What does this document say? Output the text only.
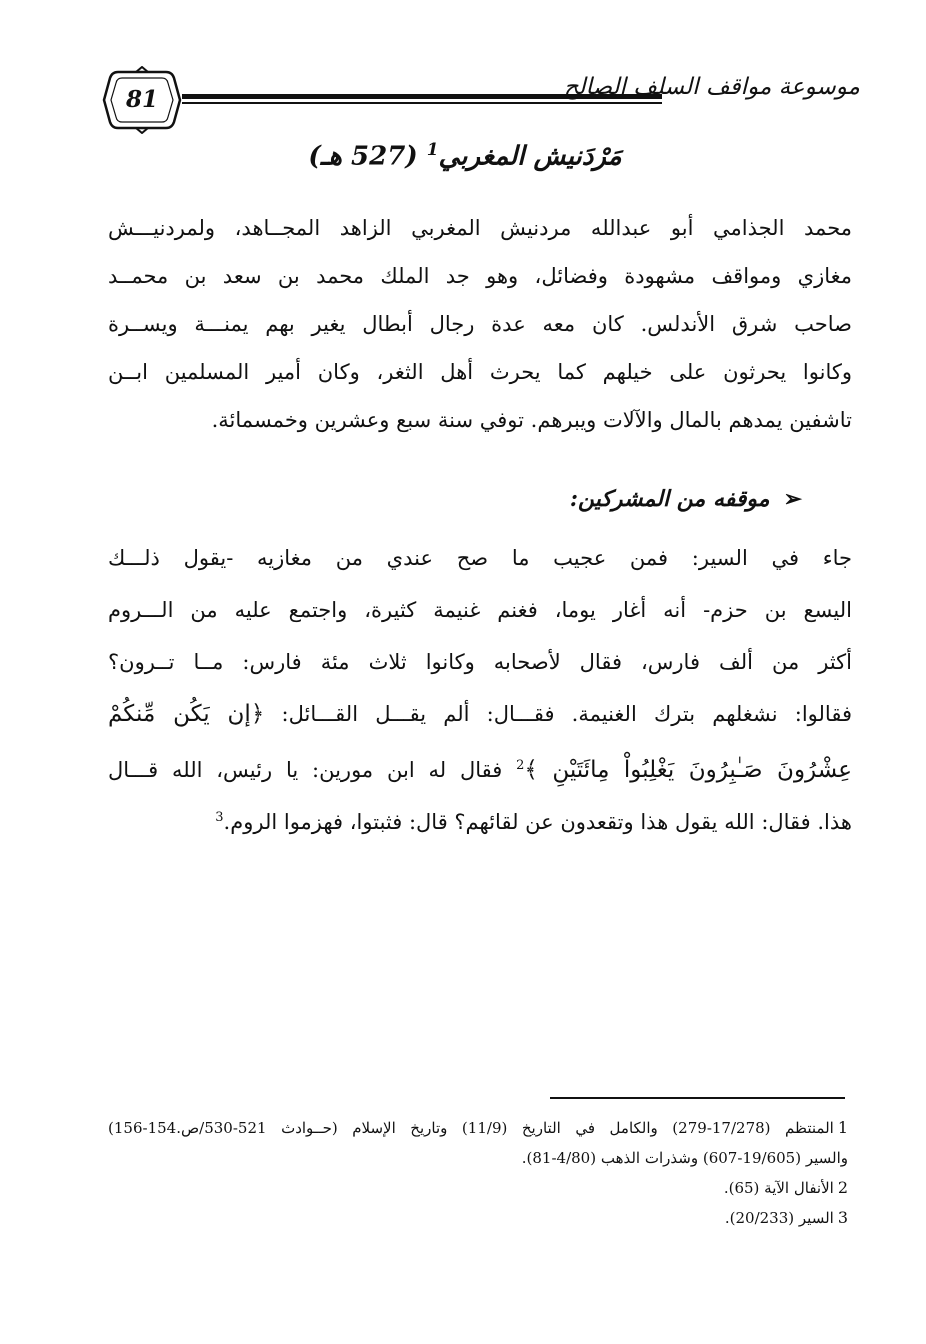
81	موسوعة مواقف السلف الصالح
مَرْدَنيش المغربي$^1$ (527 هـ)
محمد الجذامي أبو عبدالله مردنيش المغربي الزاهد المجــاهد، ولمردنيـــش
مغازي ومواقف مشهودة وفضائل، وهو جد الملك محمد بن سعد بن محمــد
صاحب شرق الأندلس. كان معه عدة رجال أبطال يغير بهم يمنـــة ويســرة
وكانوا يحرثون على خيلهم كما يحرث أهل الثغر، وكان أمير المسلمين ابــن
تاشفين يمدهم بالمال والآلات ويبرهم. توفي سنة سبع وعشرين وخمسمائة.
➢موقفه من المشركين:
جاء في السير: فمن عجيب ما صح عندي من مغازيه -يقول ذلـــك
اليسع بن حزم- أنه أغار يوما، فغنم غنيمة كثيرة، واجتمع عليه من الـــروم
أكثر من ألف فارس، فقال لأصحابه وكانوا ثلاث مئة فارس: مــا تــرون؟
فقالوا: نشغلهم بترك الغنيمة. فقـــال: ألم يقـــل القـــائل: ﴿إن يَكُن مِّنكُمْ
عِشْرُونَ صَـٰبِرُونَ يَغْلِبُواْ مِائَتَيْنِ ﴾$^2$ فقال له ابن مورين: يا رئيس، الله قـــال
هذا. فقال: الله يقول هذا وتقعدون عن لقائهم؟ قال: فثبتوا، فهزموا الروم.$^3$
1المنتظم (17/278-279) والكامل في التاريخ (11/9) وتاريخ الإسلام (حــوادث 521-530/ص.154-156)
والسير (19/605-607) وشذرات الذهب (4/80-81).
2الأنفال الآية (65).
3السير (20/233).
